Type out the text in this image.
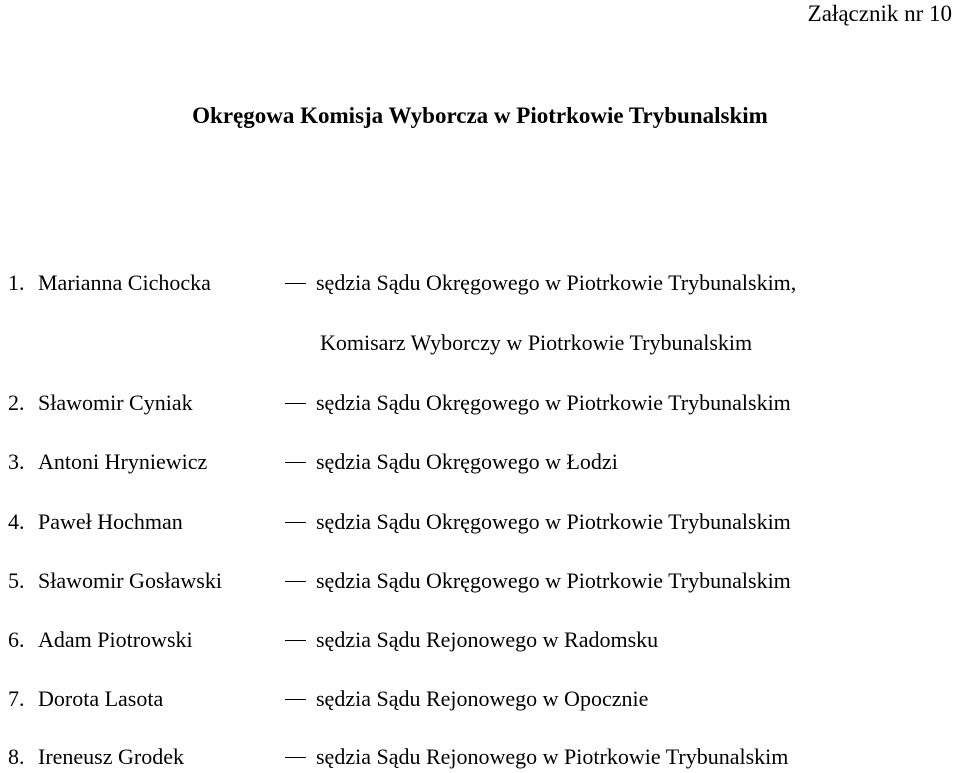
Załącznik nr 10
Okręgowa Komisja Wyborcza w Piotrkowie Trybunalskim
1. Marianna Cichocka	sędzia Sądu Okręgowego w Piotrkowie Trybunalskim,
Komisarz Wyborczy w Piotrkowie Trybunalskim
2. Sławomir Cyniak	sędzia Sądu Okręgowego w Piotrkowie Trybunalskim
3. Antoni Hryniewicz	sędzia Sądu Okręgowego w Łodzi
4. Paweł Hochman	sędzia Sądu Okręgowego w Piotrkowie Trybunalskim
5. Sławomir Gosławski	sędzia Sądu Okręgowego w Piotrkowie Trybunalskim
6. Adam Piotrowski	sędzia Sądu Rejonowego w Radomsku
7. Dorota Lasota	sędzia Sądu Rejonowego w Opocznie
8. Ireneusz Grodek	sędzia Sądu Rejonowego w Piotrkowie Trybunalskim
